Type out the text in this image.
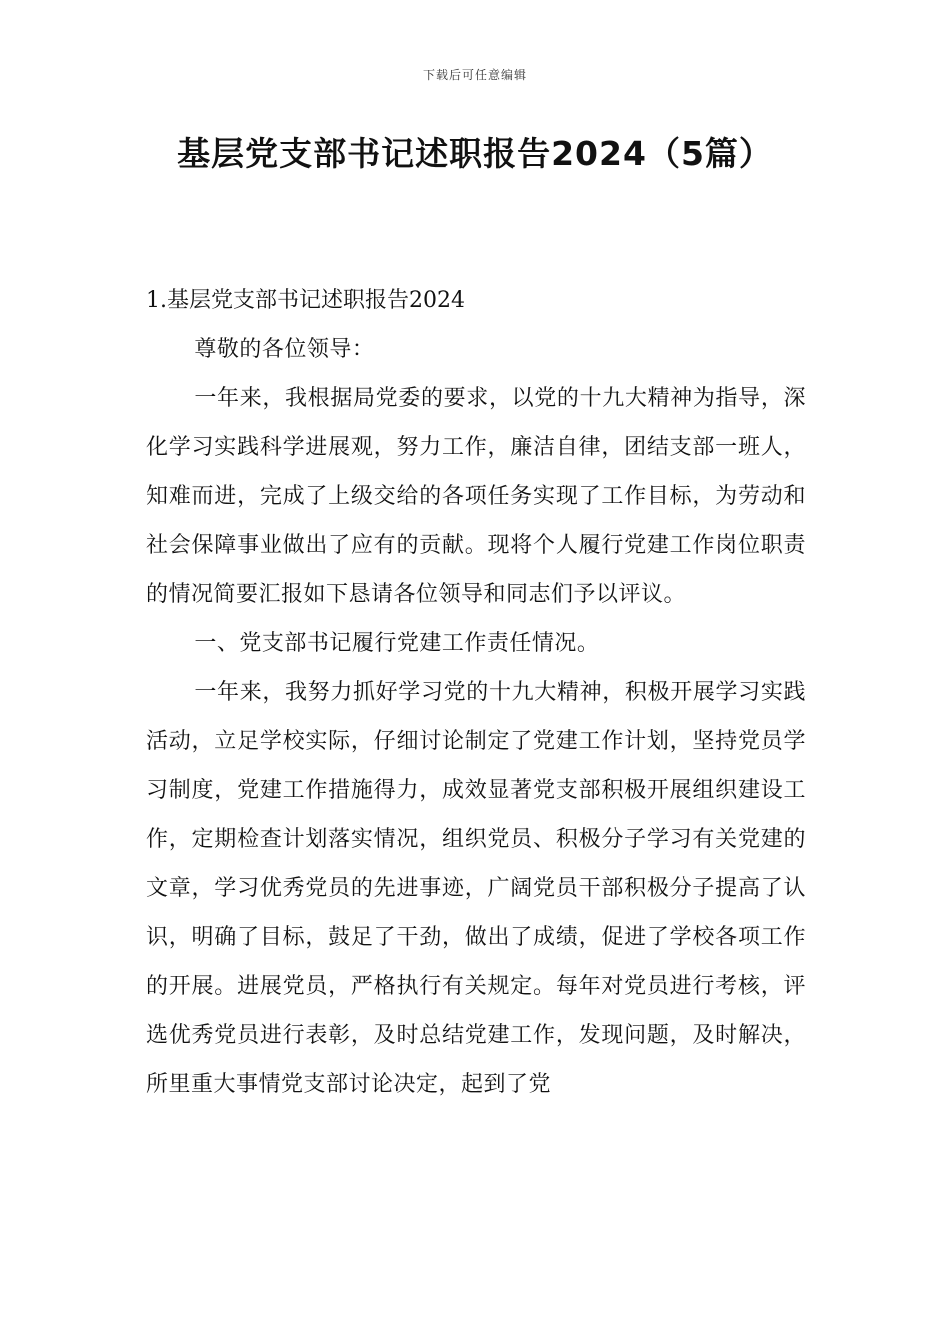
下载后可任意编辑
基层党支部书记述职报告2024（5篇）

1.基层党支部书记述职报告2024

尊敬的各位领导：

一年来，我根据局党委的要求，以党的十九大精神为指导，深化学习实践科学进展观，努力工作，廉洁自律，团结支部一班人，知难而进，完成了上级交给的各项任务实现了工作目标，为劳动和社会保障事业做出了应有的贡献。现将个人履行党建工作岗位职责的情况简要汇报如下恳请各位领导和同志们予以评议。

一、党支部书记履行党建工作责任情况。

一年来，我努力抓好学习党的十九大精神，积极开展学习实践活动，立足学校实际，仔细讨论制定了党建工作计划，坚持党员学习制度，党建工作措施得力，成效显著党支部积极开展组织建设工作，定期检查计划落实情况，组织党员、积极分子学习有关党建的文章，学习优秀党员的先进事迹，广阔党员干部积极分子提高了认识，明确了目标，鼓足了干劲，做出了成绩，促进了学校各项工作的开展。进展党员，严格执行有关规定。每年对党员进行考核，评选优秀党员进行表彰，及时总结党建工作，发现问题，及时解决，所里重大事情党支部讨论决定，起到了党
